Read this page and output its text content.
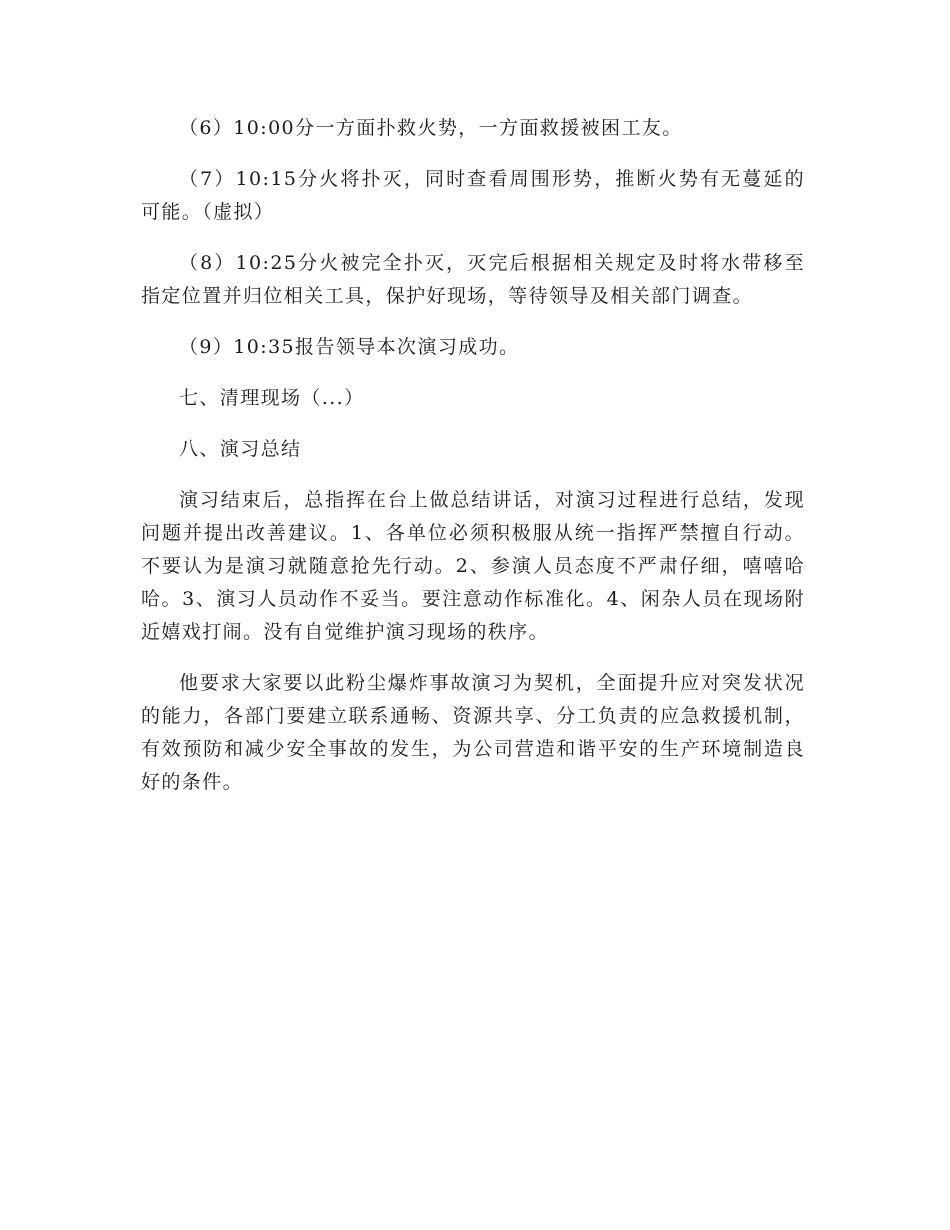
（6）10:00分一方面扑救火势，一方面救援被困工友。

（7）10:15分火将扑灭，同时查看周围形势，推断火势有无蔓延的可能。（虚拟）

（8）10:25分火被完全扑灭，灭完后根据相关规定及时将水带移至指定位置并归位相关工具，保护好现场，等待领导及相关部门调查。

（9）10:35报告领导本次演习成功。

七、清理现场（...）

八、演习总结

演习结束后，总指挥在台上做总结讲话，对演习过程进行总结，发现问题并提出改善建议。1、各单位必须积极服从统一指挥严禁擅自行动。不要认为是演习就随意抢先行动。2、参演人员态度不严肃仔细，嘻嘻哈哈。3、演习人员动作不妥当。要注意动作标准化。4、闲杂人员在现场附近嬉戏打闹。没有自觉维护演习现场的秩序。

他要求大家要以此粉尘爆炸事故演习为契机，全面提升应对突发状况的能力，各部门要建立联系通畅、资源共享、分工负责的应急救援机制，有效预防和减少安全事故的发生，为公司营造和谐平安的生产环境制造良好的条件。
